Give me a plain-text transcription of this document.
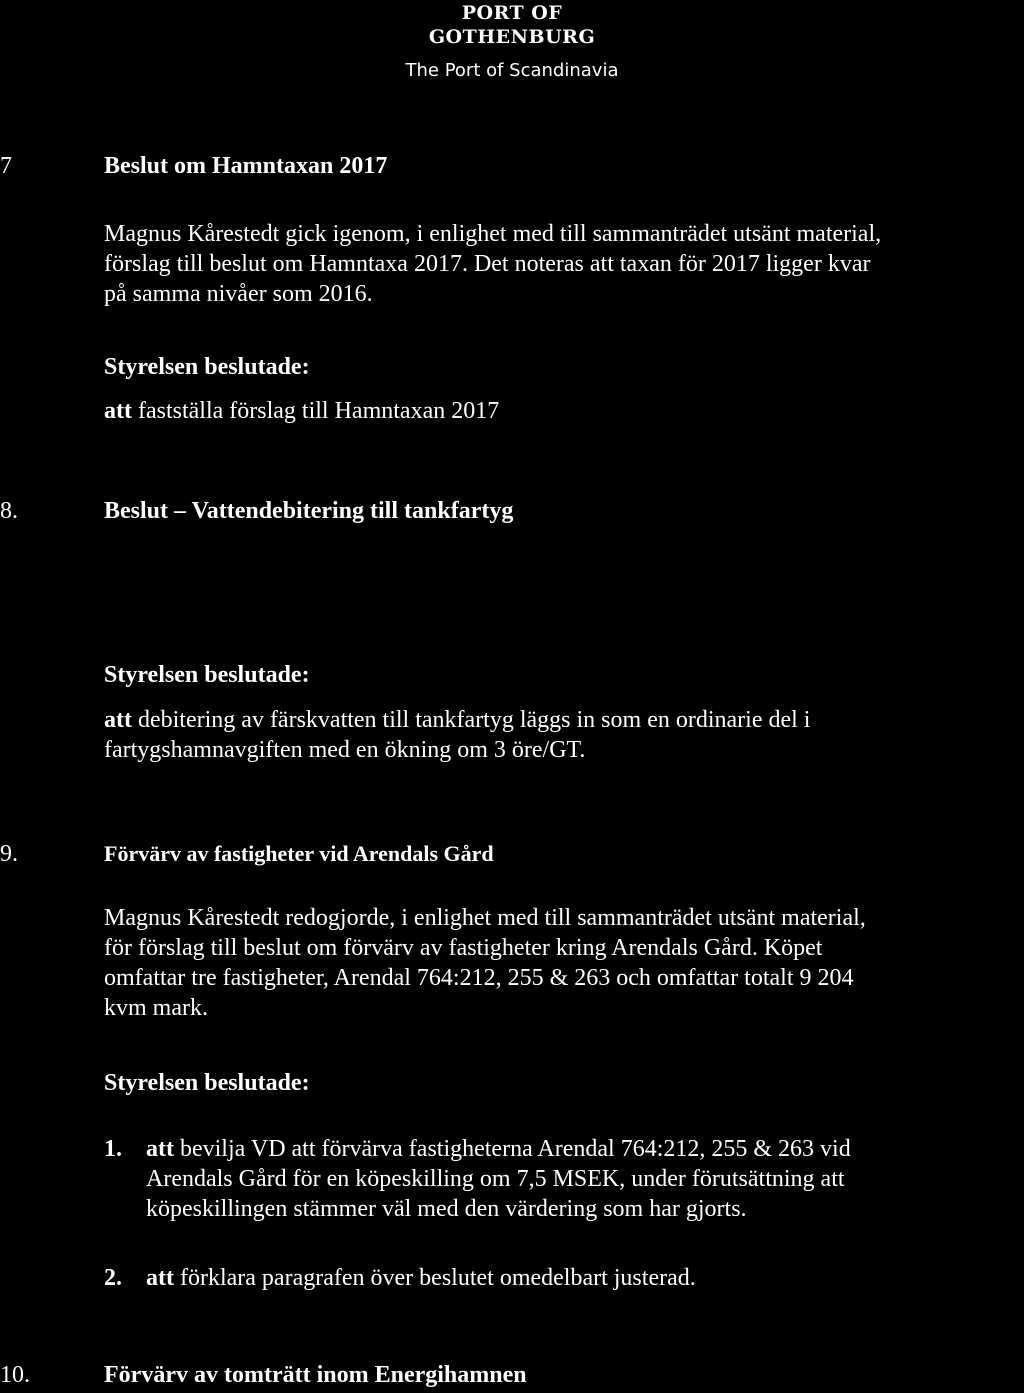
PORT OF
GOTHENBURG
The Port of Scandinavia
7	Beslut om Hamntaxan 2017
Magnus Kårestedt gick igenom, i enlighet med till sammanträdet utsänt material,
förslag till beslut om Hamntaxa 2017. Det noteras att taxan för 2017 ligger kvar
på samma nivåer som 2016.
Styrelsen beslutade:
att fastställa förslag till Hamntaxan 2017
8.	Beslut – Vattendebitering till tankfartyg
Styrelsen beslutade:
att debitering av färskvatten till tankfartyg läggs in som en ordinarie del i
fartygshamnavgiften med en ökning om 3 öre/GT.
9.	Förvärv av fastigheter vid Arendals Gård
Magnus Kårestedt redogjorde, i enlighet med till sammanträdet utsänt material,
för förslag till beslut om förvärv av fastigheter kring Arendals Gård. Köpet
omfattar tre fastigheter, Arendal 764:212, 255 & 263 och omfattar totalt 9 204
kvm mark.
Styrelsen beslutade:
1. att bevilja VD att förvärva fastigheterna Arendal 764:212, 255 & 263 vid
Arendals Gård för en köpeskilling om 7,5 MSEK, under förutsättning att
köpeskillingen stämmer väl med den värdering som har gjorts.
2. att förklara paragrafen över beslutet omedelbart justerad.
10.	Förvärv av tomträtt inom Energihamnen
